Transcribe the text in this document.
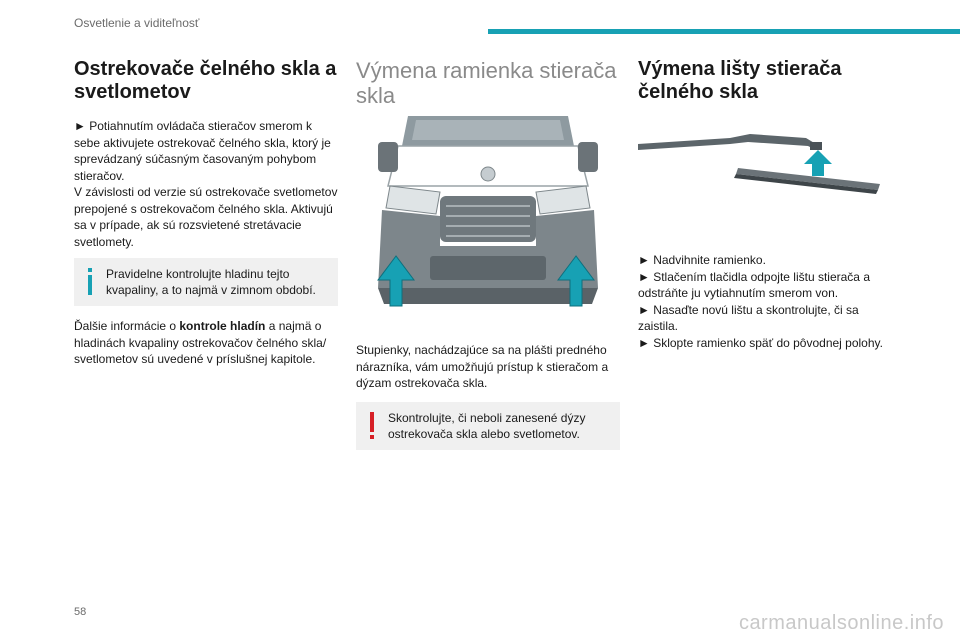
Osvetlenie a viditeľnosť
Ostrekovače čelného skla a svetlometov

► Potiahnutím ovládača stieračov smerom k sebe aktivujete ostrekovač čelného skla, ktorý je sprevádzaný súčasným časovaným pohybom stieračov.

V závislosti od verzie sú ostrekovače svetlometov prepojené s ostrekovačom čelného skla. Aktivujú sa v prípade, ak sú rozsvietené stretávacie svetlomety.

Pravidelne kontrolujte hladinu tejto kvapaliny, a to najmä v zimnom období.

Ďalšie informácie o kontrole hladín a najmä o hladinách kvapaliny ostrekovačov čelného skla/ svetlometov sú uvedené v príslušnej kapitole.

Výmena ramienka stierača skla

Stupienky, nachádzajúce sa na plášti predného nárazníka, vám umožňujú prístup k stieračom a dýzam ostrekovača skla.

Skontrolujte, či neboli zanesené dýzy ostrekovača skla alebo svetlometov.
Výmena lišty stierača čelného skla

► Nadvihnite ramienko.

► Stlačením tlačidla odpojte lištu stierača a odstráňte ju vytiahnutím smerom von.

► Nasaďte novú lištu a skontrolujte, či sa zaistila.

► Sklopte ramienko späť do pôvodnej polohy.

58	carmanualsonline.info
